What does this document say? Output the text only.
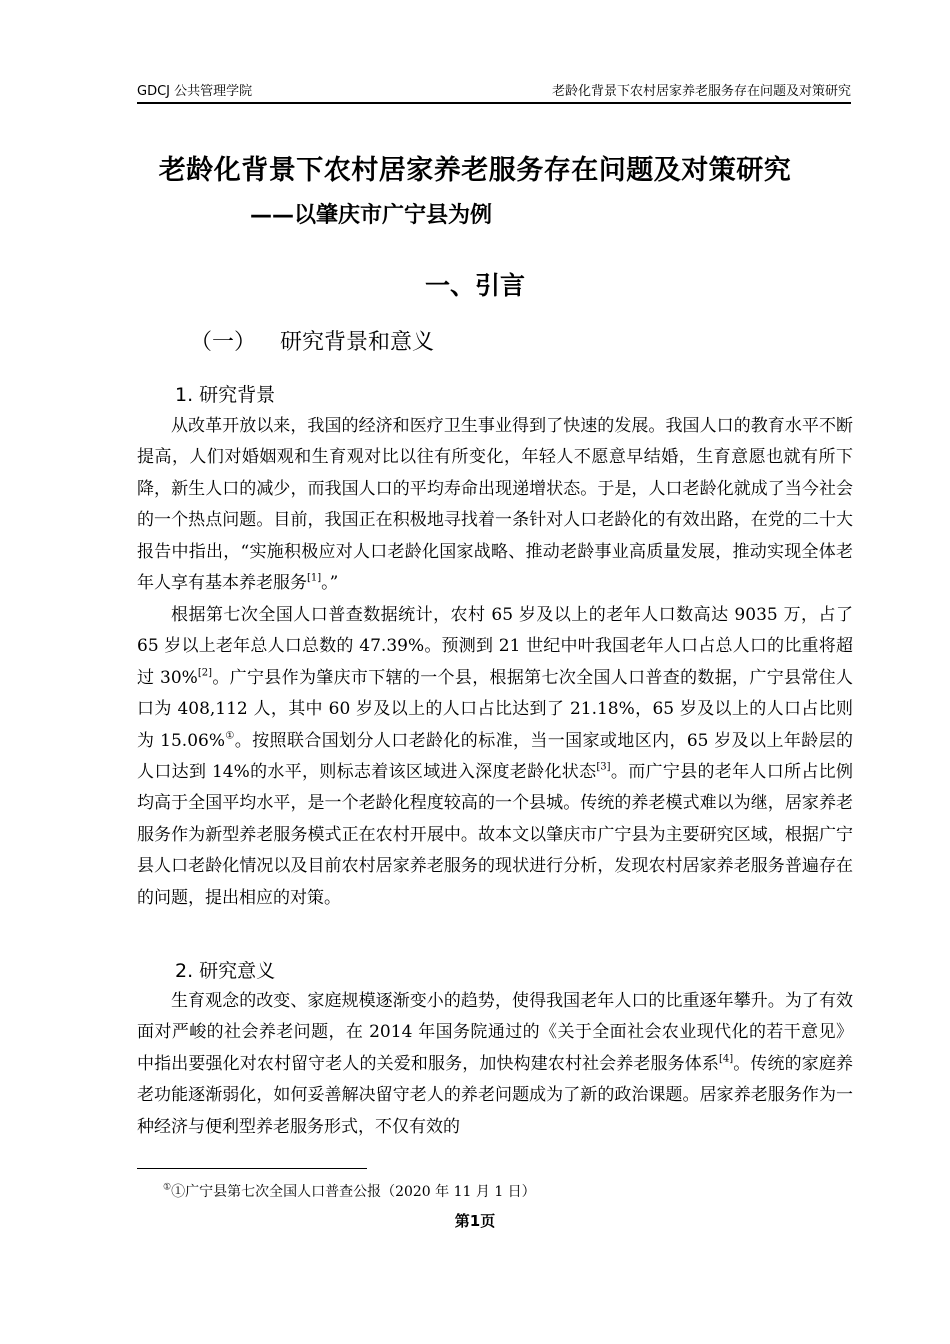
GDCJ 公共管理学院	老龄化背景下农村居家养老服务存在问题及对策研究
老龄化背景下农村居家养老服务存在问题及对策研究
——以肇庆市广宁县为例
一、引言
（一） 研究背景和意义
1. 研究背景

从改革开放以来，我国的经济和医疗卫生事业得到了快速的发展。我国人口的教育水平不断提高，人们对婚姻观和生育观对比以往有所变化，年轻人不愿意早结婚，生育意愿也就有所下降，新生人口的减少，而我国人口的平均寿命出现递增状态。于是，人口老龄化就成了当今社会的一个热点问题。目前，我国正在积极地寻找着一条针对人口老龄化的有效出路，在党的二十大报告中指出，“实施积极应对人口老龄化国家战略、推动老龄事业高质量发展，推动实现全体老年人享有基本养老服务[1]。”

根据第七次全国人口普查数据统计，农村 65 岁及以上的老年人口数高达 9035 万，占了 65 岁以上老年总人口总数的 47.39%。预测到 21 世纪中叶我国老年人口占总人口的比重将超过 30%[2]。广宁县作为肇庆市下辖的一个县，根据第七次全国人口普查的数据，广宁县常住人口为 408,112 人，其中 60 岁及以上的人口占比达到了 21.18%，65 岁及以上的人口占比则为 15.06%①。按照联合国划分人口老龄化的标准，当一国家或地区内，65 岁及以上年龄层的人口达到 14%的水平，则标志着该区域进入深度老龄化状态[3]。而广宁县的老年人口所占比例均高于全国平均水平，是一个老龄化程度较高的一个县城。传统的养老模式难以为继，居家养老服务作为新型养老服务模式正在农村开展中。故本文以肇庆市广宁县为主要研究区域，根据广宁县人口老龄化情况以及目前农村居家养老服务的现状进行分析，发现农村居家养老服务普遍存在的问题，提出相应的对策。

2. 研究意义

生育观念的改变、家庭规模逐渐变小的趋势，使得我国老年人口的比重逐年攀升。为了有效面对严峻的社会养老问题，在 2014 年国务院通过的《关于全面社会农业现代化的若干意见》中指出要强化对农村留守老人的关爱和服务，加快构建农村社会养老服务体系[4]。传统的家庭养老功能逐渐弱化，如何妥善解决留守老人的养老问题成为了新的政治课题。居家养老服务作为一种经济与便利型养老服务形式，不仅有效的

①①广宁县第七次全国人口普查公报（2020 年 11 月 1 日）
第1页
